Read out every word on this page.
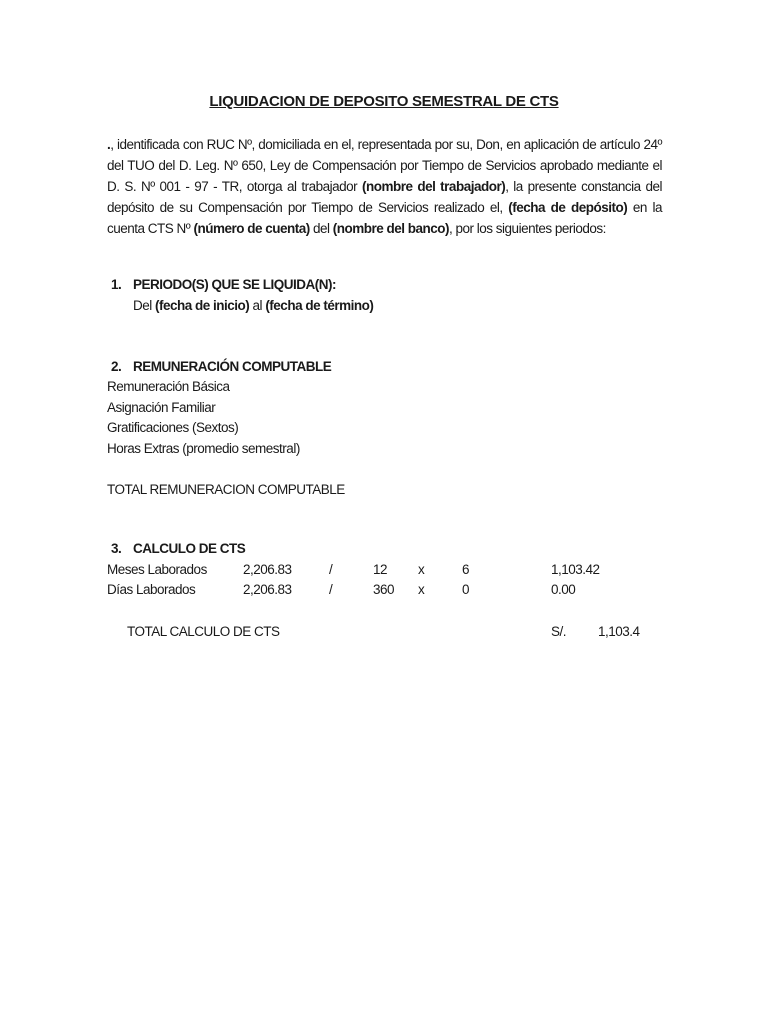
LIQUIDACION DE DEPOSITO SEMESTRAL DE CTS
., identificada con RUC Nº, domiciliada en el, representada por su, Don, en aplicación de artículo 24º del TUO del D. Leg. Nº 650, Ley de Compensación por Tiempo de Servicios aprobado mediante el D. S. Nº 001 - 97 - TR, otorga al trabajador (nombre del trabajador), la presente constancia del depósito de su Compensación por Tiempo de Servicios realizado el, (fecha de depósito) en la cuenta CTS Nº (número de cuenta) del (nombre del banco), por los siguientes periodos:
1. PERIODO(S) QUE SE LIQUIDA(N):
Del (fecha de inicio) al (fecha de término)
2. REMUNERACIÓN COMPUTABLE
Remuneración Básica
Asignación Familiar
Gratificaciones (Sextos)
Horas Extras (promedio semestral)
TOTAL REMUNERACION COMPUTABLE
3. CALCULO DE CTS
Meses Laborados	2,206.83	/	12 x	6	1,103.42
Días Laborados	2,206.83	/	360 x	0	0.00
TOTAL CALCULO DE CTS	S/. 1,103.4
